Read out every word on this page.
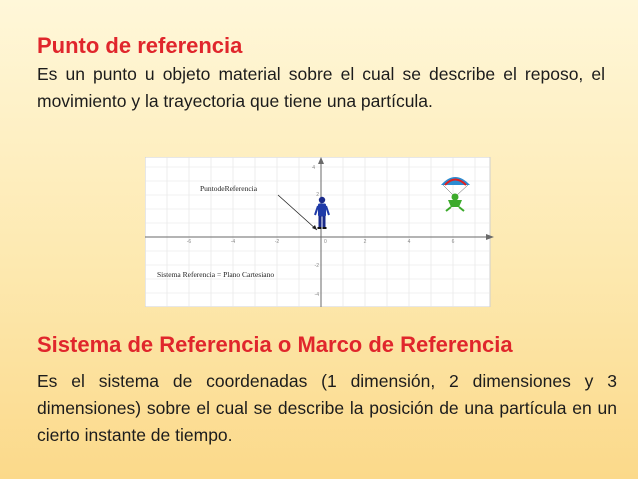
Punto de referencia
Es un punto u objeto material sobre el cual se describe el reposo, el movimiento y la trayectoria que tiene una partícula.
-6	-4	-2	0	2	4	6
4
2
-2
-4
PuntodeReferencia
Sistema Referencia = Plano Cartesiano
Sistema de Referencia o Marco de Referencia
Es el sistema de coordenadas (1 dimensión, 2 dimensiones y 3 dimensiones) sobre el cual se describe la posición de una partícula en un cierto instante de tiempo.
